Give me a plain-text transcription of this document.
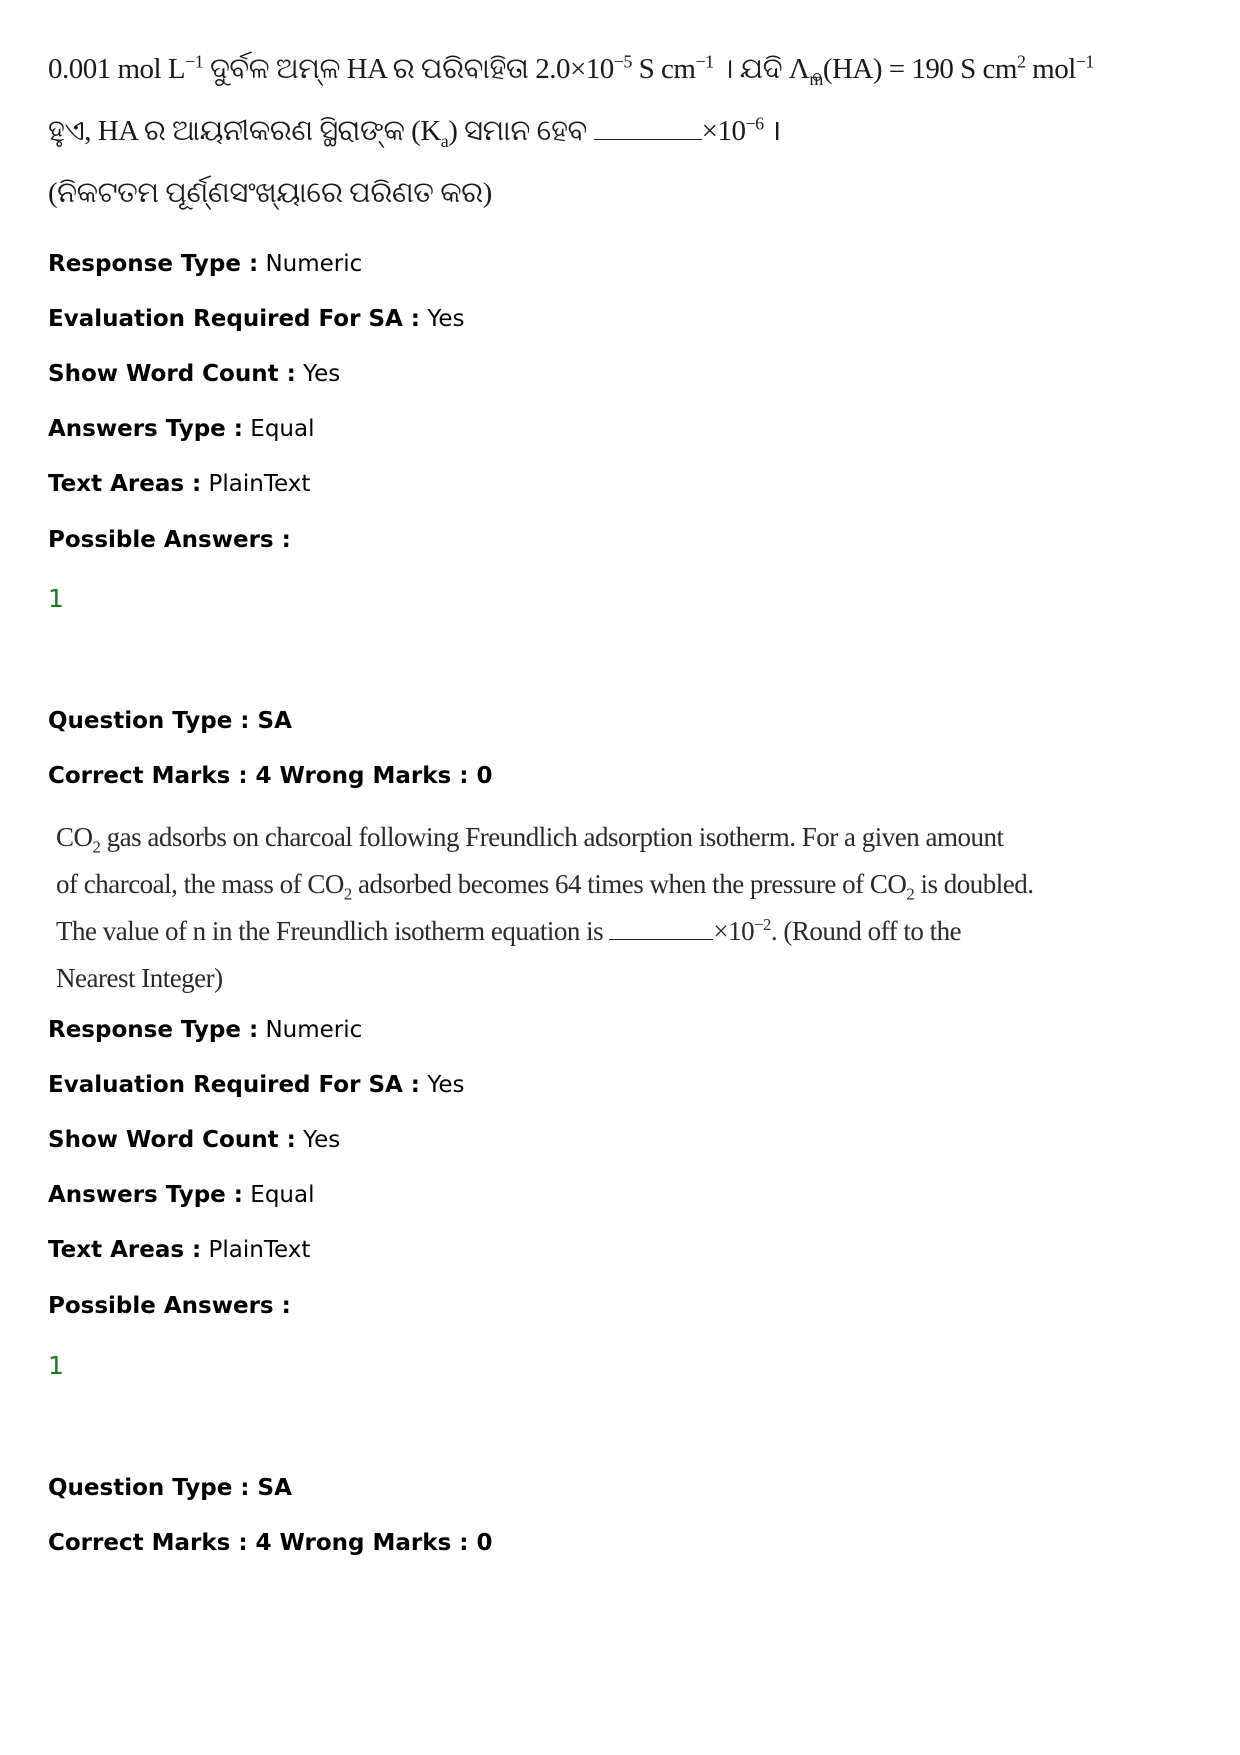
0.001 mol $L^{-1}$ ଦୁର୍ବଳ ଅମ୍ଳ HA ର ପରିବାହିତା $2.0\times 10^{-5}$ S $cm^{-1}$ । ଯଦି $\Lambda_m(HA) = 190$ S $cm^2$ mol$^{-1}$
ହୁଏ, HA ର ଆୟନୀକରଣ ସ୍ଥିରାଙ୍କ $(K_a)$ ସମାନ ହେବ	$\times 10^{-6}$ ।
(ନିକଟତମ ପୂର୍ଣ୍ଣସଂଖ୍ୟାରେ ପରିଣତ କର)
Response Type : Numeric
Evaluation Required For SA : Yes
Show Word Count : Yes
Answers Type : Equal
Text Areas : PlainText
Possible Answers :
1
Question Type : SA
Correct Marks : 4 Wrong Marks : 0
$CO_2$ gas adsorbs on charcoal following Freundlich adsorption isotherm. For a given amount
of charcoal, the mass of $CO_2$ adsorbed becomes 64 times when the pressure of $CO_2$ is doubled.
The value of n in the Freundlich isotherm equation is	$\times 10^{-2}$. (Round off to the
Nearest Integer)
Response Type : Numeric
Evaluation Required For SA : Yes
Show Word Count : Yes
Answers Type : Equal
Text Areas : PlainText
Possible Answers :
1
Question Type : SA
Correct Marks : 4 Wrong Marks : 0
